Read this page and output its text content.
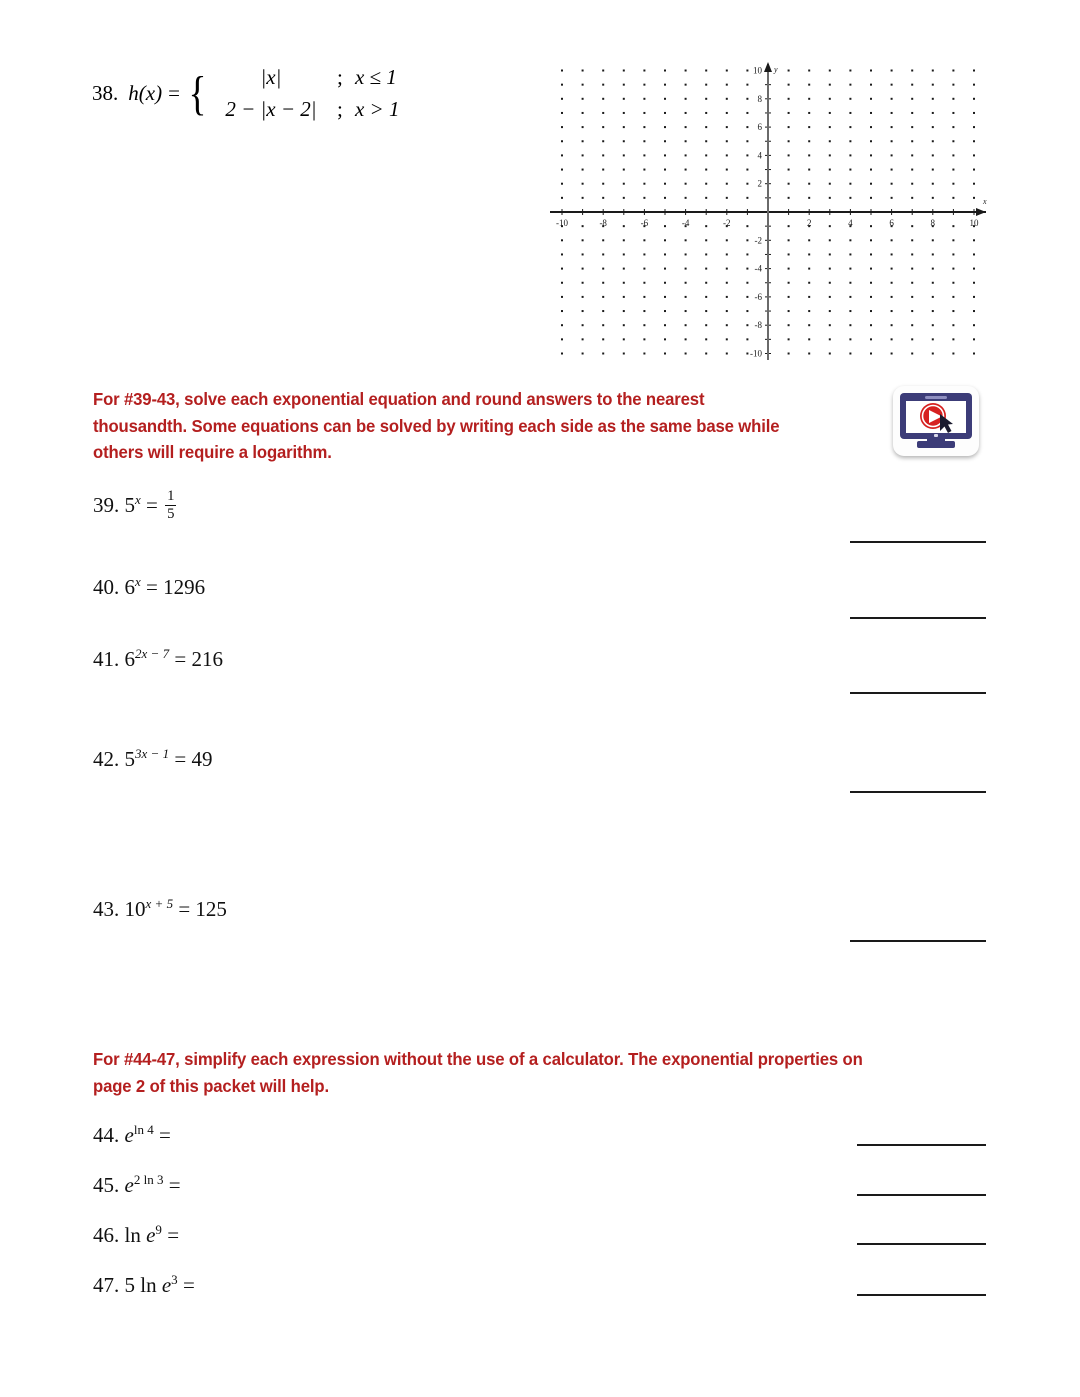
38. h(x) = {	|x|	; x ≤ 1
2 − |x − 2| ; x > 1
x
y
-10	-8	-6	-4	-2	2	4	6	8	10
-10
-8
-6
-4
-2
2
4
6
8
10
For #39-43, solve each exponential equation and round answers to the nearest
thousandth. Some equations can be solved by writing each side as the same base while
others will require a logarithm.
39. $5^x = \frac{1}{5}$
40. $6^x = 1296$
41. $6^{2x - 7} = 216$
42. $5^{3x - 1} = 49$
43. $10^{x + 5} = 125$
For #44-47, simplify each expression without the use of a calculator. The exponential properties on
page 2 of this packet will help.
44. $e^{ln 4}$ =
45. $e^{2 ln 3}$ =
46. $\ln e^9$ =
47. 5 $\ln e^3$ =
